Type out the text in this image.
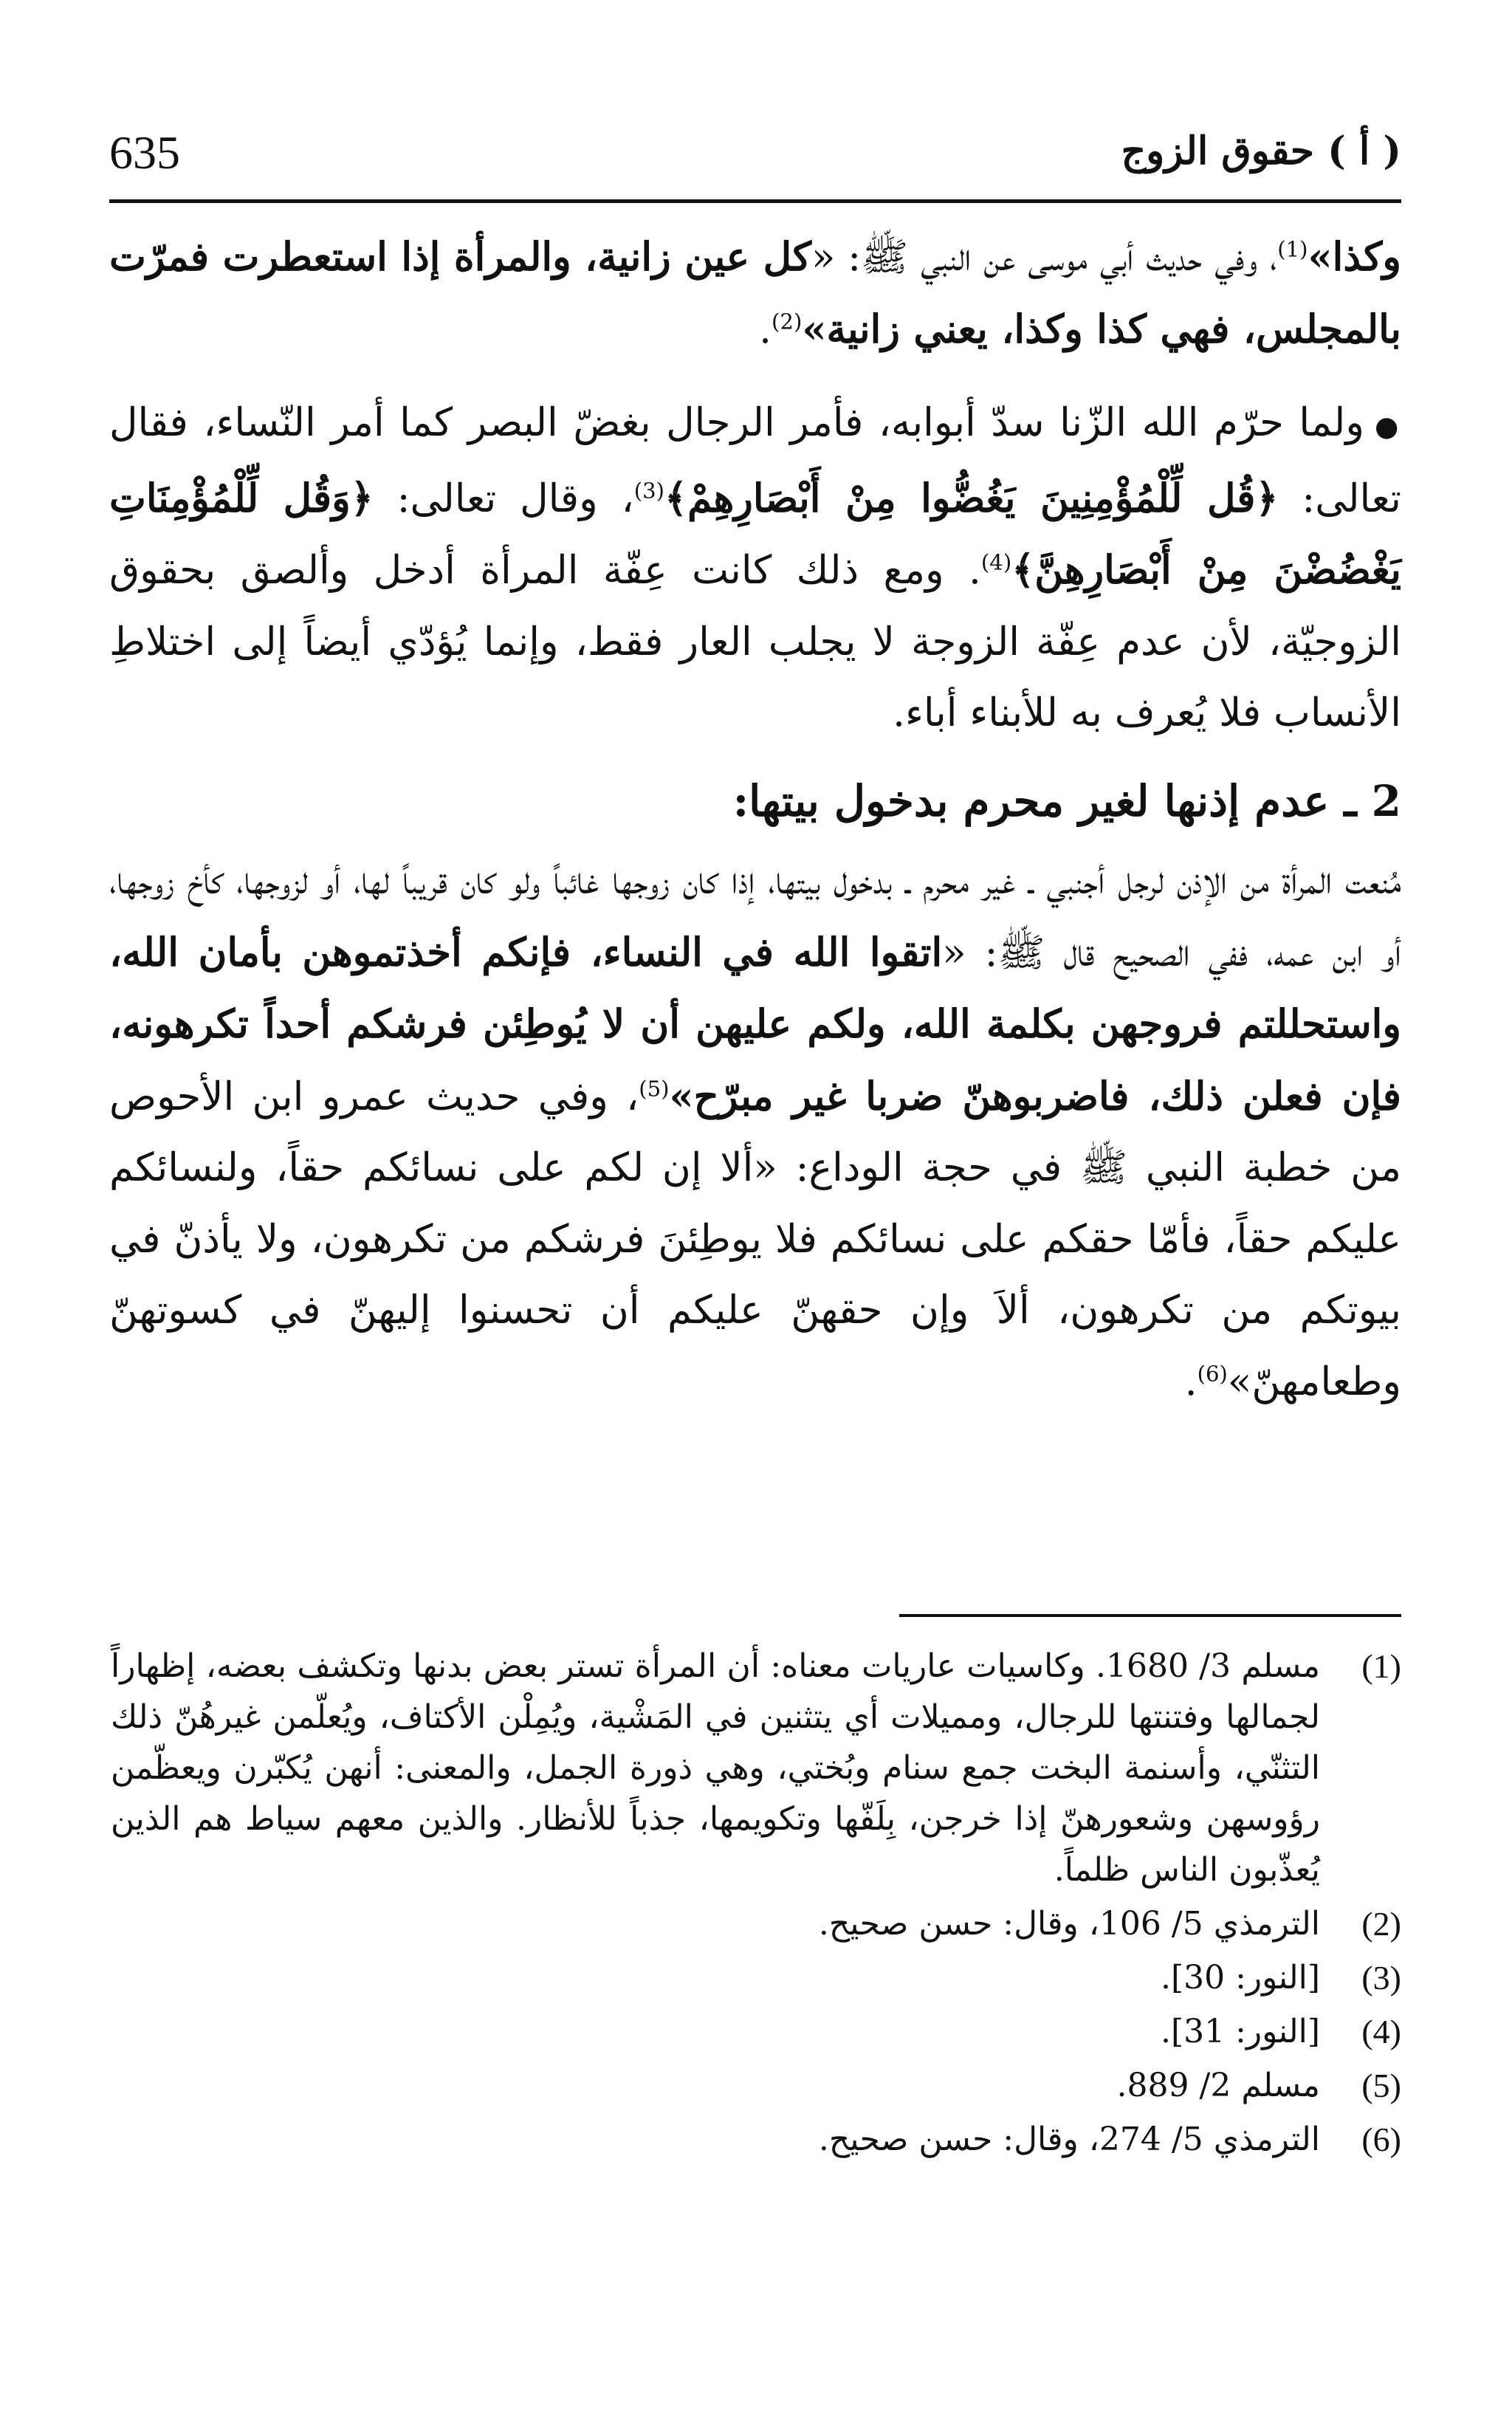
635	( أ ) حقوق الزوج

وكذا»$^{(1)}$، وفي حديث أبي موسى عن النبي ﷺ: «كل عين زانية، والمرأة إذا استعطرت فمرّت بالمجلس، فهي كذا وكذا، يعني زانية»$^{(2)}$.

●ولما حرّم الله الزّنا سدّ أبوابه، فأمر الرجال بغضّ البصر كما أمر النّساء، فقال تعالى: ﴿قُل لِّلْمُؤْمِنِينَ يَغُضُّوا مِنْ أَبْصَارِهِمْ﴾$^{(3)}$، وقال تعالى: ﴿وَقُل لِّلْمُؤْمِنَاتِ يَغْضُضْنَ مِنْ أَبْصَارِهِنَّ﴾$^{(4)}$. ومع ذلك كانت عِفّة المرأة أدخل وألصق بحقوق الزوجيّة، لأن عدم عِفّة الزوجة لا يجلب العار فقط، وإنما يُؤدّي أيضاً إلى اختلاطِ الأنساب فلا يُعرف به للأبناء أباء.

2 ـ عدم إذنها لغير محرم بدخول بيتها:

مُنعت المرأة من الإذن لرجل أجنبي ـ غير محرم ـ بدخول بيتها، إذا كان زوجها غائباً ولو كان قريباً لها، أو لزوجها، كأخ زوجها، أو ابن عمه، ففي الصحيح قال ﷺ: «اتقوا الله في النساء، فإنكم أخذتموهن بأمان الله، واستحللتم فروجهن بكلمة الله، ولكم عليهن أن لا يُوطِئن فرشكم أحداً تكرهونه، فإن فعلن ذلك، فاضربوهنّ ضربا غير مبرّح»$^{(5)}$، وفي حديث عمرو ابن الأحوص من خطبة النبي ﷺ في حجة الوداع: «ألا إن لكم على نسائكم حقاً، ولنسائكم عليكم حقاً، فأمّا حقكم على نسائكم فلا يوطِئنَ فرشكم من تكرهون، ولا يأذنّ في بيوتكم من تكرهون، ألاَ وإن حقهنّ عليكم أن تحسنوا إليهنّ في كسوتهنّ وطعامهنّ»$^{(6)}$.

(1)
مسلم 3/ 1680. وكاسيات عاريات معناه: أن المرأة تستر بعض بدنها وتكشف بعضه، إظهاراً لجمالها وفتنتها للرجال، ومميلات أي يتثنين في المَشْية، ويُمِلْن الأكتاف، ويُعلّمن غيرهُنّ ذلك التثنّي، وأسنمة البخت جمع سنام وبُختي، وهي ذورة الجمل، والمعنى: أنهن يُكبّرن ويعظّمن رؤوسهن وشعورهنّ إذا خرجن، بِلَفّها وتكويمها، جذباً للأنظار. والذين معهم سياط هم الذين يُعذّبون الناس ظلماً.
(2)
الترمذي 5/ 106، وقال: حسن صحيح.
(3)
[النور: 30].
(4)
[النور: 31].
(5)
مسلم 2/ 889.
(6)
الترمذي 5/ 274، وقال: حسن صحيح.
